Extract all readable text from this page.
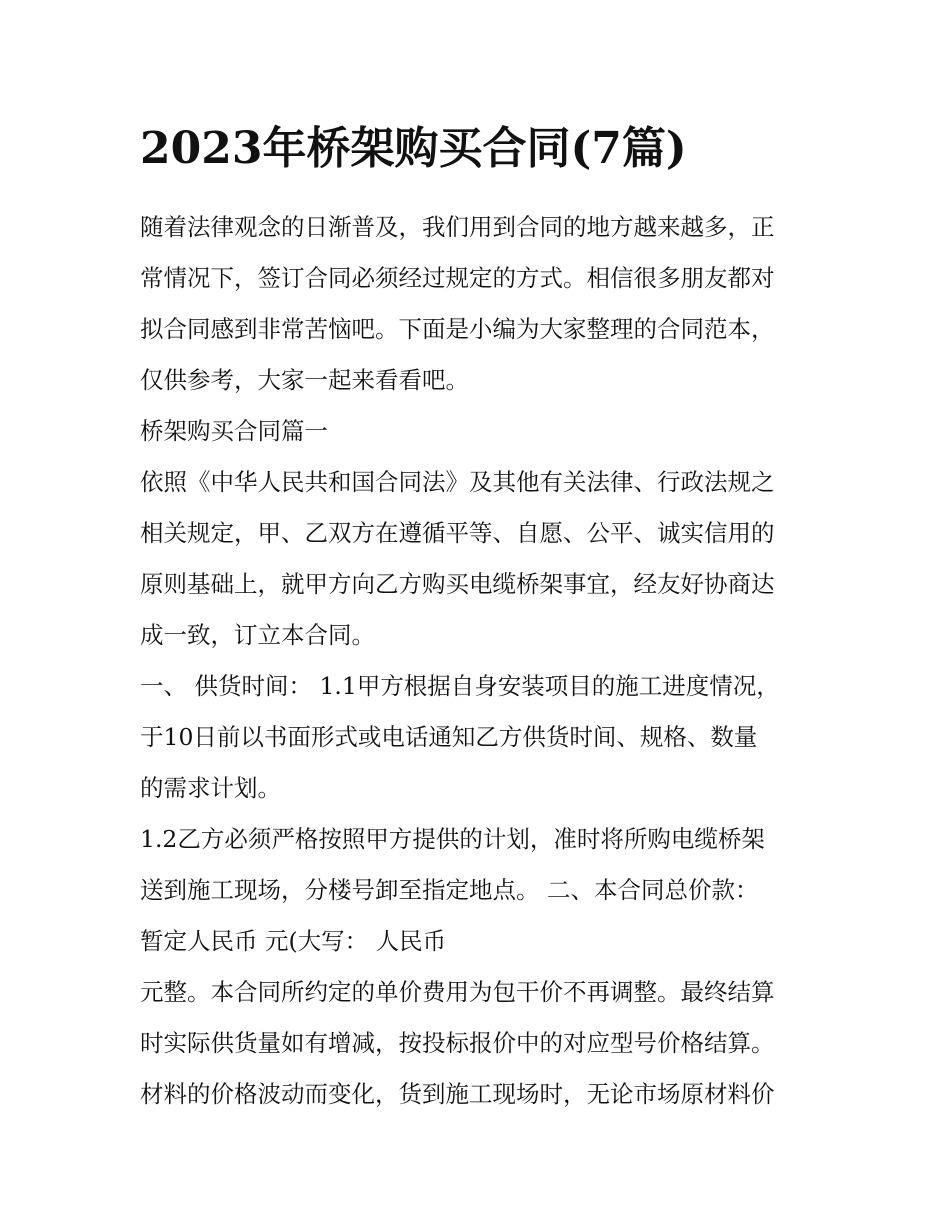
2023年桥架购买合同(7篇)
随着法律观念的日渐普及，我们用到合同的地方越来越多，正
常情况下，签订合同必须经过规定的方式。相信很多朋友都对
拟合同感到非常苦恼吧。下面是小编为大家整理的合同范本，
仅供参考，大家一起来看看吧。
桥架购买合同篇一
依照《中华人民共和国合同法》及其他有关法律、行政法规之
相关规定，甲、乙双方在遵循平等、自愿、公平、诚实信用的
原则基础上，就甲方向乙方购买电缆桥架事宜，经友好协商达
成一致，订立本合同。
一、 供货时间： 1.1甲方根据自身安装项目的施工进度情况，
于10日前以书面形式或电话通知乙方供货时间、规格、数量
的需求计划。
1.2乙方必须严格按照甲方提供的计划，准时将所购电缆桥架
送到施工现场，分楼号卸至指定地点。 二、本合同总价款：
暂定人民币 元(大写： 人民币
元整。本合同所约定的单价费用为包干价不再调整。最终结算
时实际供货量如有增减，按投标报价中的对应型号价格结算。
材料的价格波动而变化，货到施工现场时，无论市场原材料价
